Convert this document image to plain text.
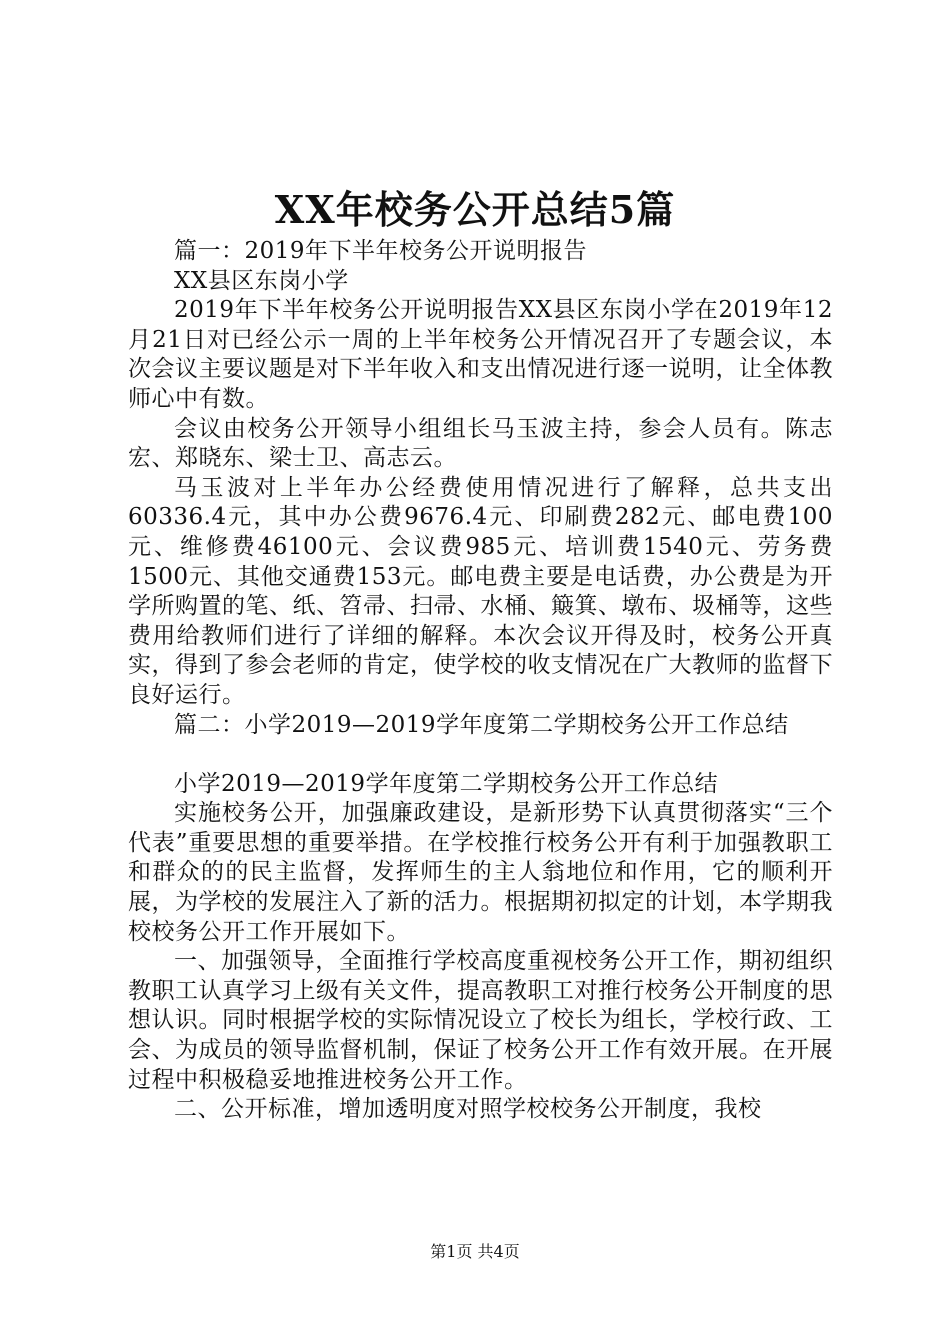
XX年校务公开总结5篇

篇一：2019年下半年校务公开说明报告

XX县区东岗小学

2019年下半年校务公开说明报告XX县区东岗小学在2019年12月21日对已经公示一周的上半年校务公开情况召开了专题会议，本次会议主要议题是对下半年收入和支出情况进行逐一说明，让全体教师心中有数。

会议由校务公开领导小组组长马玉波主持，参会人员有。陈志宏、郑晓东、梁士卫、高志云。

马玉波对上半年办公经费使用情况进行了解释，总共支出60336.4元，其中办公费9676.4元、印刷费282元、邮电费100元、维修费46100元、会议费985元、培训费1540元、劳务费1500元、其他交通费153元。邮电费主要是电话费，办公费是为开学所购置的笔、纸、笤帚、扫帚、水桶、簸箕、墩布、圾桶等，这些费用给教师们进行了详细的解释。本次会议开得及时，校务公开真实，得到了参会老师的肯定，使学校的收支情况在广大教师的监督下良好运行。

篇二：小学2019—2019学年度第二学期校务公开工作总结

小学2019—2019学年度第二学期校务公开工作总结

实施校务公开，加强廉政建设，是新形势下认真贯彻落实“三个代表”重要思想的重要举措。在学校推行校务公开有利于加强教职工和群众的的民主监督，发挥师生的主人翁地位和作用，它的顺利开展，为学校的发展注入了新的活力。根据期初拟定的计划，本学期我校校务公开工作开展如下。

一、加强领导，全面推行学校高度重视校务公开工作，期初组织教职工认真学习上级有关文件，提高教职工对推行校务公开制度的思想认识。同时根据学校的实际情况设立了校长为组长，学校行政、工会、为成员的领导监督机制，保证了校务公开工作有效开展。在开展过程中积极稳妥地推进校务公开工作。

二、公开标准，增加透明度对照学校校务公开制度，我校

第1页 共4页
